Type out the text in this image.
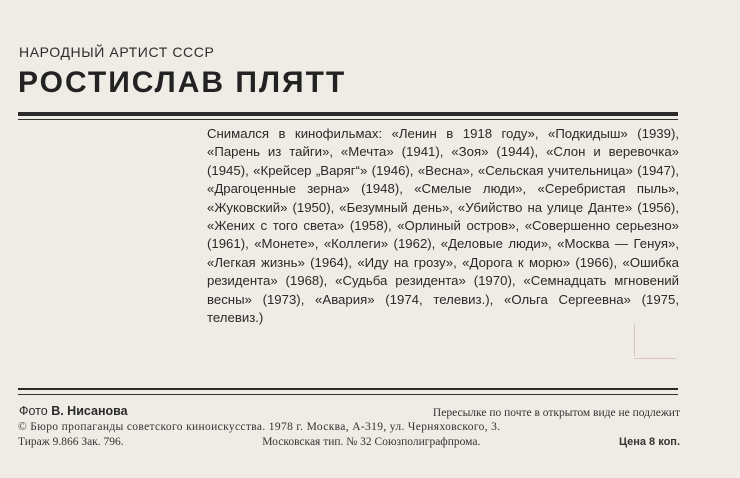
НАРОДНЫЙ АРТИСТ СССР
РОСТИСЛАВ ПЛЯТТ
Снимался в кинофильмах: «Ленин в 1918 году», «Подкидыш» (1939), «Парень из тайги», «Мечта» (1941), «Зоя» (1944), «Слон и веревочка» (1945), «Крейсер „Варяг“» (1946), «Весна», «Сельская учительница» (1947), «Драгоценные зерна» (1948), «Смелые люди», «Серебристая пыль», «Жуковский» (1950), «Безумный день», «Убийство на улице Данте» (1956), «Жених с того света» (1958), «Орлиный остров», «Совершенно серьезно» (1961), «Монете», «Коллеги» (1962), «Деловые люди», «Москва — Генуя», «Легкая жизнь» (1964), «Иду на грозу», «Дорога к морю» (1966), «Ошибка резидента» (1968), «Судьба резидента» (1970), «Семнадцать мгновений весны» (1973), «Авария» (1974, телевиз.), «Ольга Сергеевна» (1975, телевиз.)
Фото В. Нисанова	Пересылке по почте в открытом виде не подлежит
© Бюро пропаганды советского киноискусства. 1978 г. Москва, А-319, ул. Черняховского, 3.
Тираж 9.866 Зак. 796.	Московская тип. № 32 Союзполиграфпрома.	Цена 8 коп.
